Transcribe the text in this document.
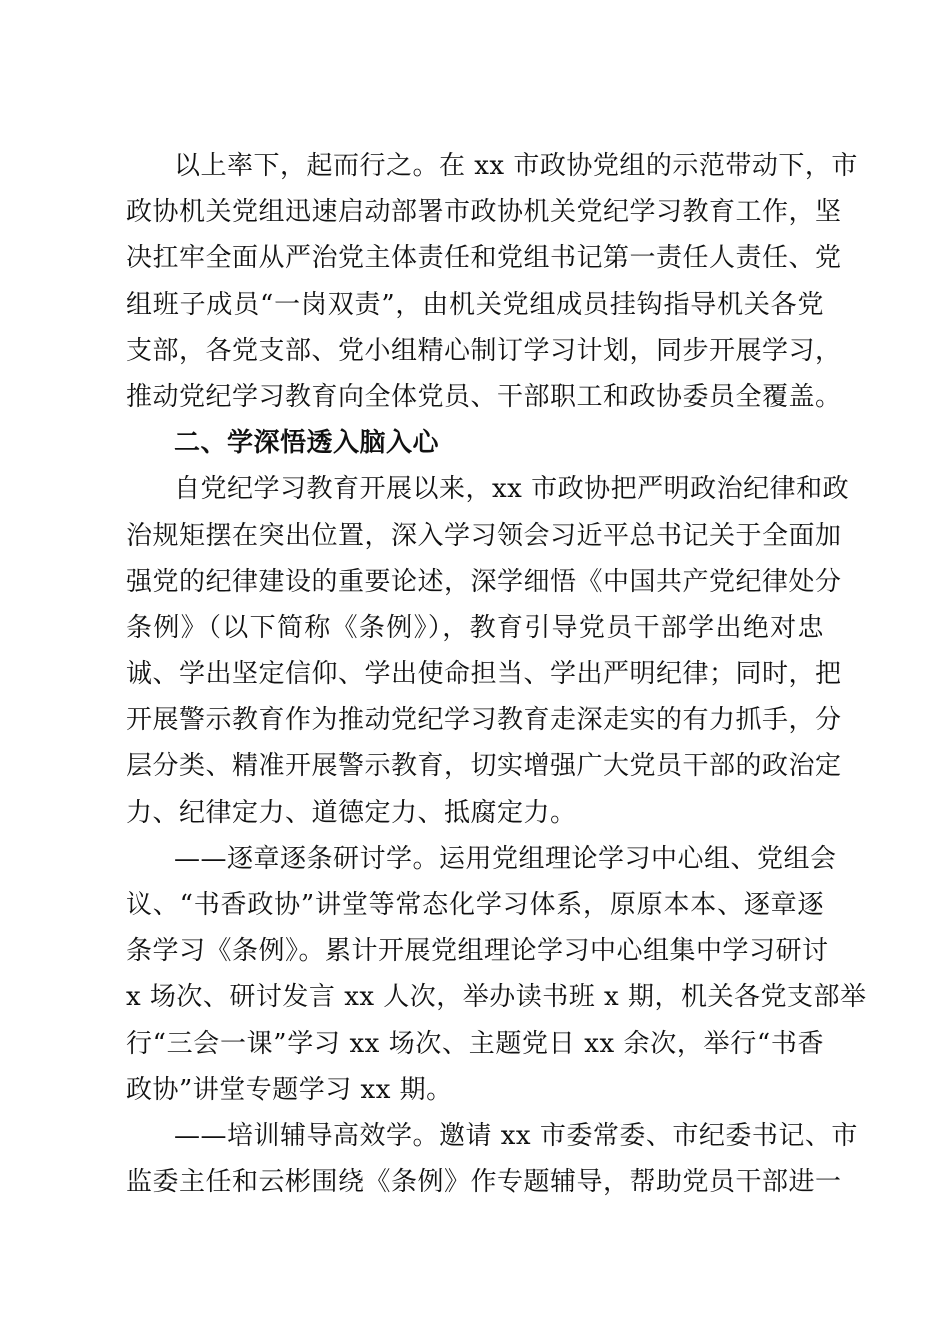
以上率下，起而行之。在 xx 市政协党组的示范带动下，市
政协机关党组迅速启动部署市政协机关党纪学习教育工作，坚
决扛牢全面从严治党主体责任和党组书记第一责任人责任、党
组班子成员“一岗双责”，由机关党组成员挂钩指导机关各党
支部，各党支部、党小组精心制订学习计划，同步开展学习，
推动党纪学习教育向全体党员、干部职工和政协委员全覆盖。
二、学深悟透入脑入心
自党纪学习教育开展以来，xx 市政协把严明政治纪律和政
治规矩摆在突出位置，深入学习领会习近平总书记关于全面加
强党的纪律建设的重要论述，深学细悟《中国共产党纪律处分
条例》（以下简称《条例》），教育引导党员干部学出绝对忠
诚、学出坚定信仰、学出使命担当、学出严明纪律；同时，把
开展警示教育作为推动党纪学习教育走深走实的有力抓手，分
层分类、精准开展警示教育，切实增强广大党员干部的政治定
力、纪律定力、道德定力、抵腐定力。
——逐章逐条研讨学。运用党组理论学习中心组、党组会
议、“书香政协”讲堂等常态化学习体系，原原本本、逐章逐
条学习《条例》。累计开展党组理论学习中心组集中学习研讨
x 场次、研讨发言 xx 人次，举办读书班 x 期，机关各党支部举
行“三会一课”学习 xx 场次、主题党日 xx 余次，举行“书香
政协”讲堂专题学习 xx 期。
——培训辅导高效学。邀请 xx 市委常委、市纪委书记、市
监委主任和云彬围绕《条例》作专题辅导，帮助党员干部进一
